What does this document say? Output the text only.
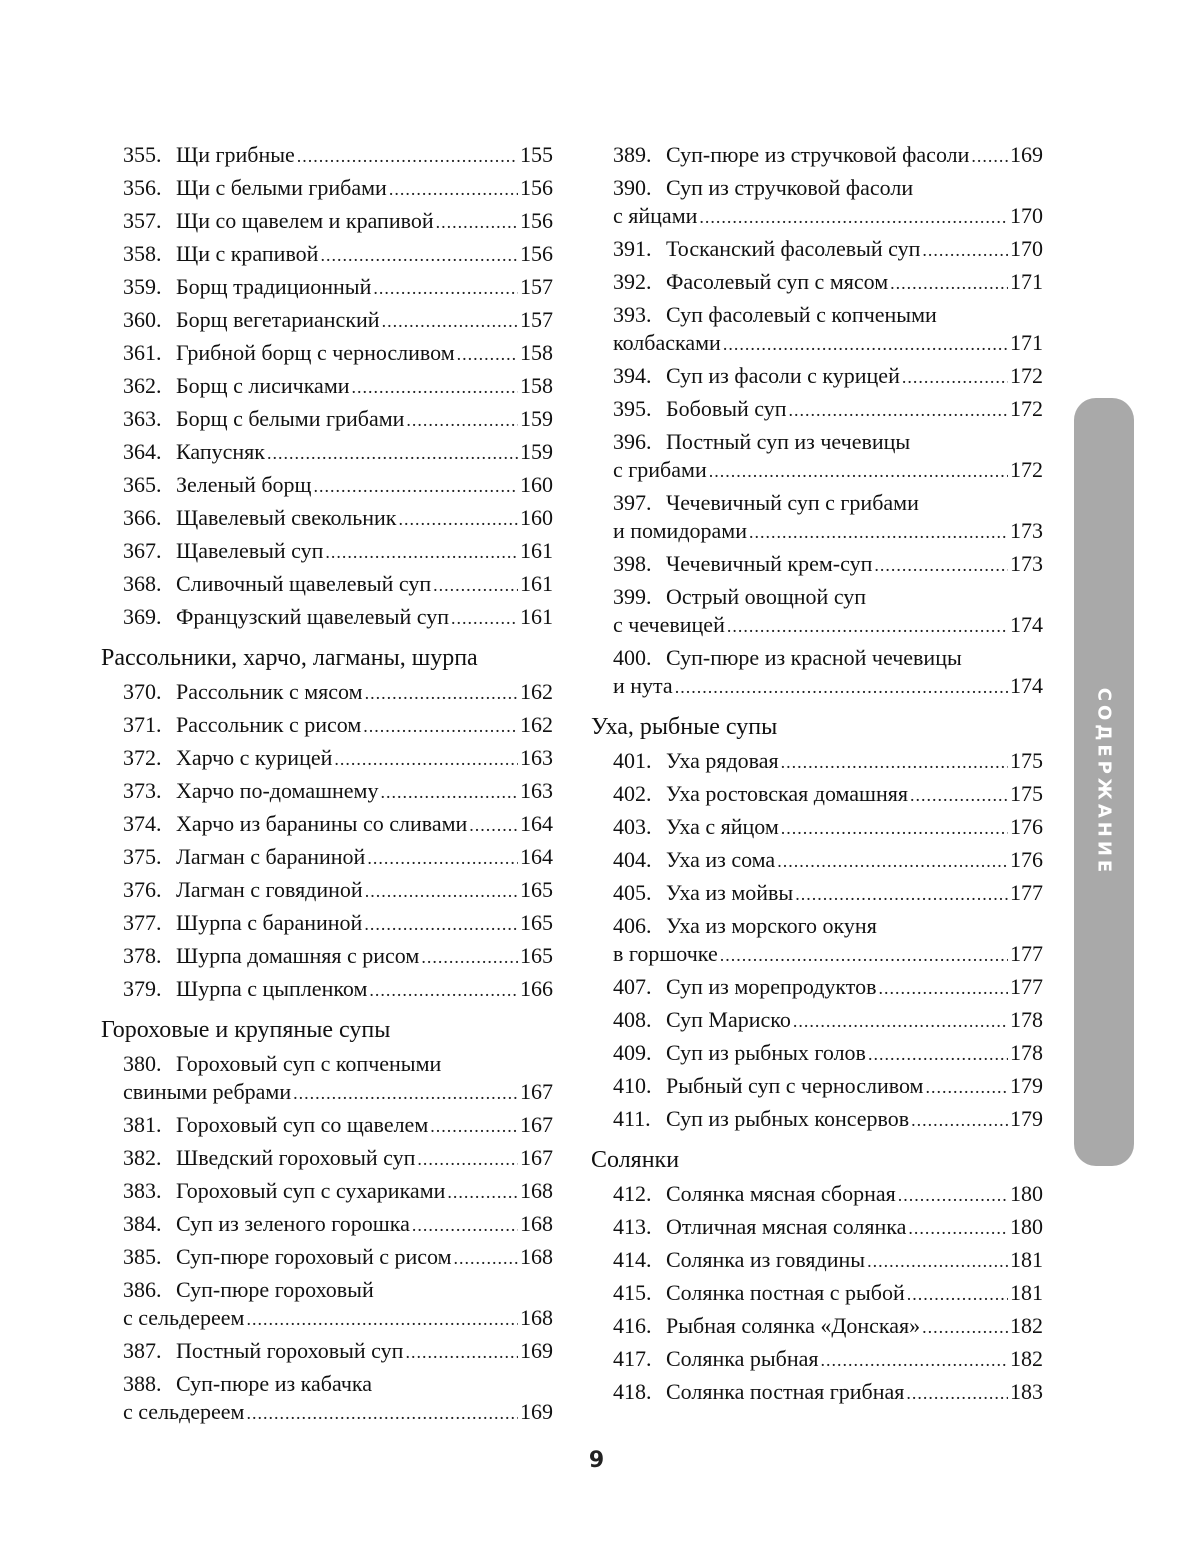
355. Щи грибные .....	155
356. Щи с белыми грибами .....	156
357. Щи со щавелем и крапивой .....	156
358. Щи с крапивой .....	156
359. Борщ традиционный .....	157
360. Борщ вегетарианский .....	157
361. Грибной борщ с черносливом .....	158
362. Борщ с лисичками .....	158
363. Борщ с белыми грибами .....	159
364. Капусняк .....	159
365. Зеленый борщ .....	160
366. Щавелевый свекольник .....	160
367. Щавелевый суп .....	161
368. Сливочный щавелевый суп .....	161
369. Французский щавелевый суп .....	161
Рассольники, харчо, лагманы, шурпа
370. Рассольник с мясом .....	162
371. Рассольник с рисом .....	162
372. Харчо с курицей .....	163
373. Харчо по-домашнему .....	163
374. Харчо из баранины со сливами ..... 164
375. Лагман с бараниной .....	164
376. Лагман с говядиной .....	165
377. Шурпа с бараниной .....	165
378. Шурпа домашняя с рисом .....	165
379. Шурпа с цыпленком .....	166
Гороховые и крупяные супы
380. Гороховый суп с копчеными
свиными ребрами .....	167
381. Гороховый суп со щавелем .....	167
382. Шведский гороховый суп .....	167
383. Гороховый суп с сухариками .....	168
384. Суп из зеленого горошка .....	168
385. Суп-пюре гороховый с рисом .....	168
386. Суп-пюре гороховый
с сельдереем .....	168
387. Постный гороховый суп .....	169
388. Суп-пюре из кабачка
с сельдереем .....	169
389. Суп-пюре из стручковой фасоли ..... 169
390. Суп из стручковой фасоли
с яйцами .....	170
391. Тосканский фасолевый суп .....	170
392. Фасолевый суп с мясом .....	171
393. Суп фасолевый с копчеными
колбасками .....	171
394. Суп из фасоли с курицей .....	172
395. Бобовый суп .....	172
396. Постный суп из чечевицы
с грибами .....	172
397. Чечевичный суп с грибами
и помидорами .....	173
398. Чечевичный крем-суп .....	173
399. Острый овощной суп
с чечевицей .....	174
400. Суп-пюре из красной чечевицы
и нута .....	174
Уха, рыбные супы
401. Уха рядовая .....	175
402. Уха ростовская домашняя .....	175
403. Уха с яйцом .....	176
404. Уха из сома .....	176
405. Уха из мойвы .....	177
406. Уха из морского окуня
в горшочке .....	177
407. Суп из морепродуктов .....	177
408. Суп Мариско .....	178
409. Суп из рыбных голов .....	178
410. Рыбный суп с черносливом .....	179
411. Суп из рыбных консервов .....	179
Солянки
412. Солянка мясная сборная .....	180
413. Отличная мясная солянка .....	180
414. Солянка из говядины .....	181
415. Солянка постная с рыбой .....	181
416. Рыбная солянка «Донская» .....	182
417. Солянка рыбная .....	182
418. Солянка постная грибная .....	183
СОДЕРЖАНИЕ
9
